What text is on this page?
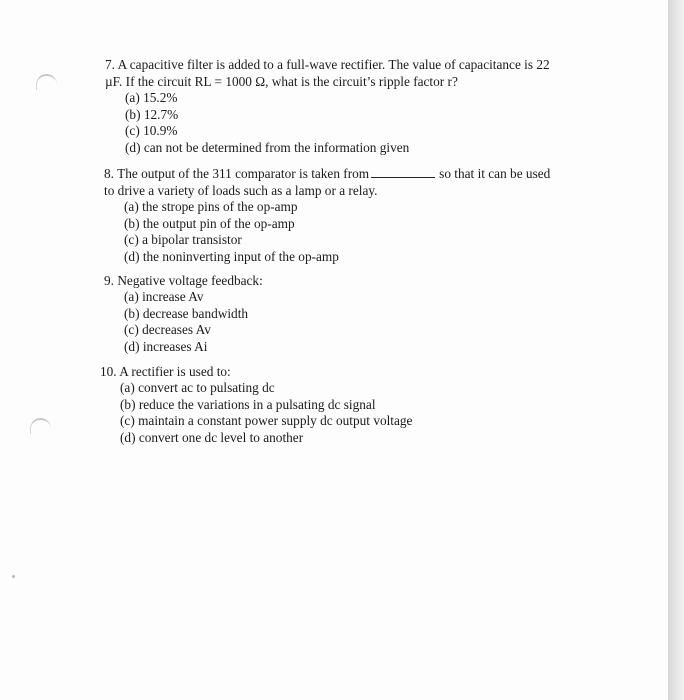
7. A capacitive filter is added to a full-wave rectifier. The value of capacitance is 22
µF. If the circuit RL = 1000 Ω, what is the circuit’s ripple factor r?
(a) 15.2%
(b) 12.7%
(c) 10.9%
(d) can not be determined from the information given
8. The output of the 311 comparator is taken from	so that it can be used
to drive a variety of loads such as a lamp or a relay.
(a) the strope pins of the op-amp
(b) the output pin of the op-amp
(c) a bipolar transistor
(d) the noninverting input of the op-amp
9. Negative voltage feedback:
(a) increase Av
(b) decrease bandwidth
(c) decreases Av
(d) increases Ai
10. A rectifier is used to:
(a) convert ac to pulsating dc
(b) reduce the variations in a pulsating dc signal
(c) maintain a constant power supply dc output voltage
(d) convert one dc level to another
